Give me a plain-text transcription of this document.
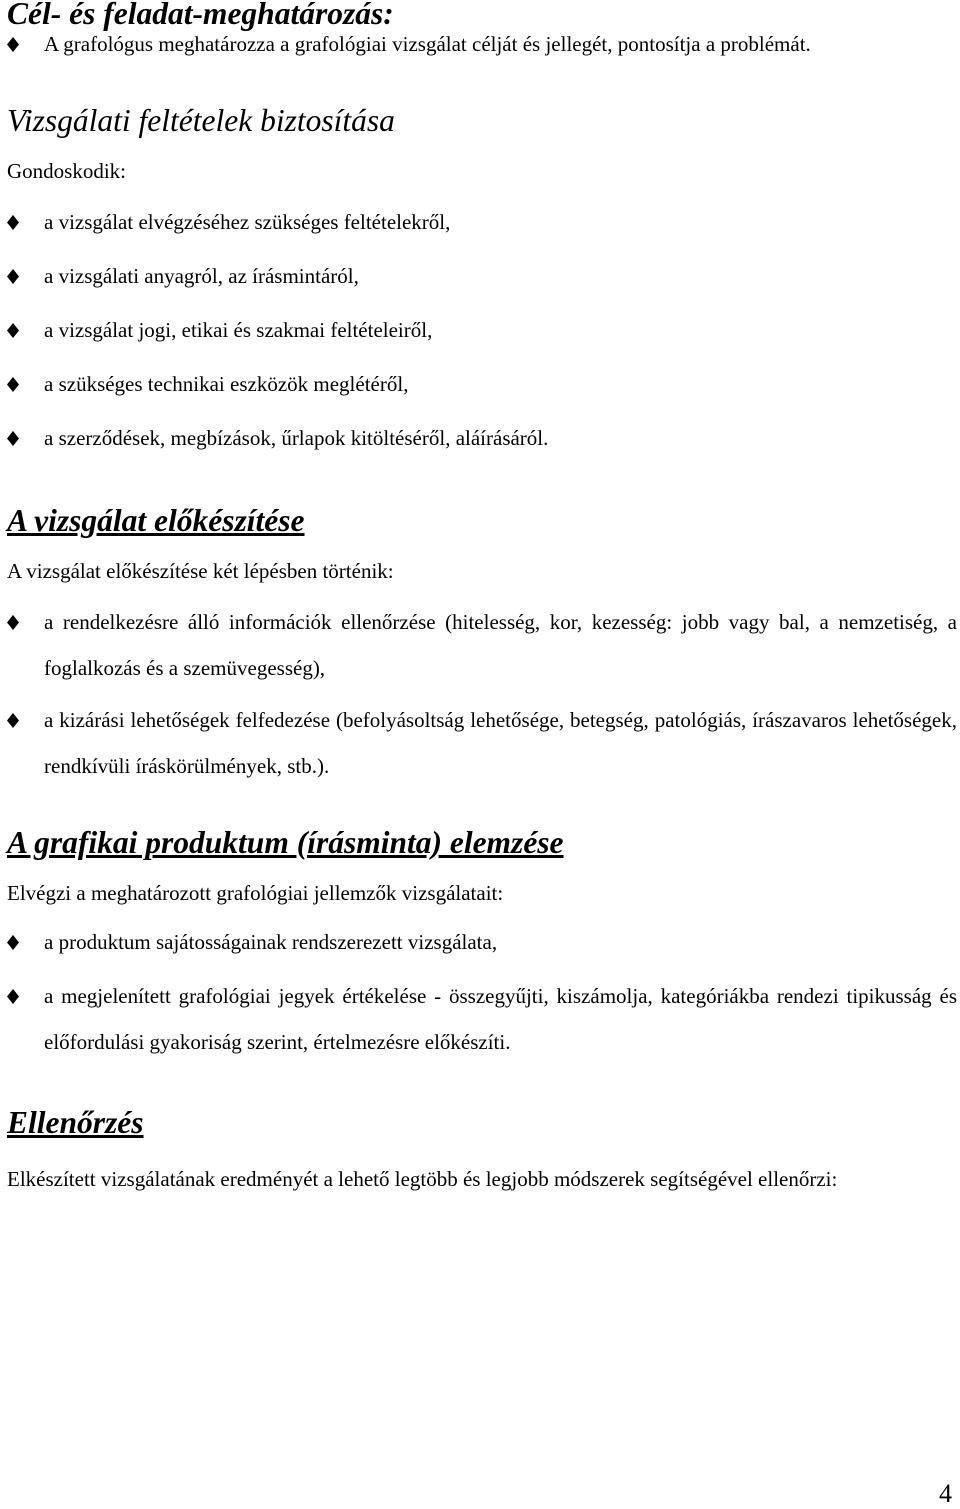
Cél- és feladat-meghatározás:
A grafológus meghatározza a grafológiai vizsgálat célját és jellegét, pontosítja a problémát.
Vizsgálati feltételek biztosítása

Gondoskodik:

a vizsgálat elvégzéséhez szükséges feltételekről,
a vizsgálati anyagról, az írásmintáról,
a vizsgálat jogi, etikai és szakmai feltételeiről,
a szükséges technikai eszközök meglétéről,
a szerződések, megbízások, űrlapok kitöltéséről, aláírásáról.
A vizsgálat előkészítése

A vizsgálat előkészítése két lépésben történik:

a rendelkezésre álló információk ellenőrzése (hitelesség, kor, kezesség: jobb vagy bal, a nemzetiség, a foglalkozás és a szemüvegesség),
a kizárási lehetőségek felfedezése (befolyásoltság lehetősége, betegség, patológiás, írászavaros lehetőségek, rendkívüli íráskörülmények, stb.).
A grafikai produktum (írásminta) elemzése

Elvégzi a meghatározott grafológiai jellemzők vizsgálatait:

a produktum sajátosságainak rendszerezett vizsgálata,
a megjelenített grafológiai jegyek értékelése - összegyűjti, kiszámolja, kategóriákba rendezi tipikusság és előfordulási gyakoriság szerint, értelmezésre előkészíti.
Ellenőrzés

Elkészített vizsgálatának eredményét a lehető legtöbb és legjobb módszerek segítségével ellenőrzi:

4
